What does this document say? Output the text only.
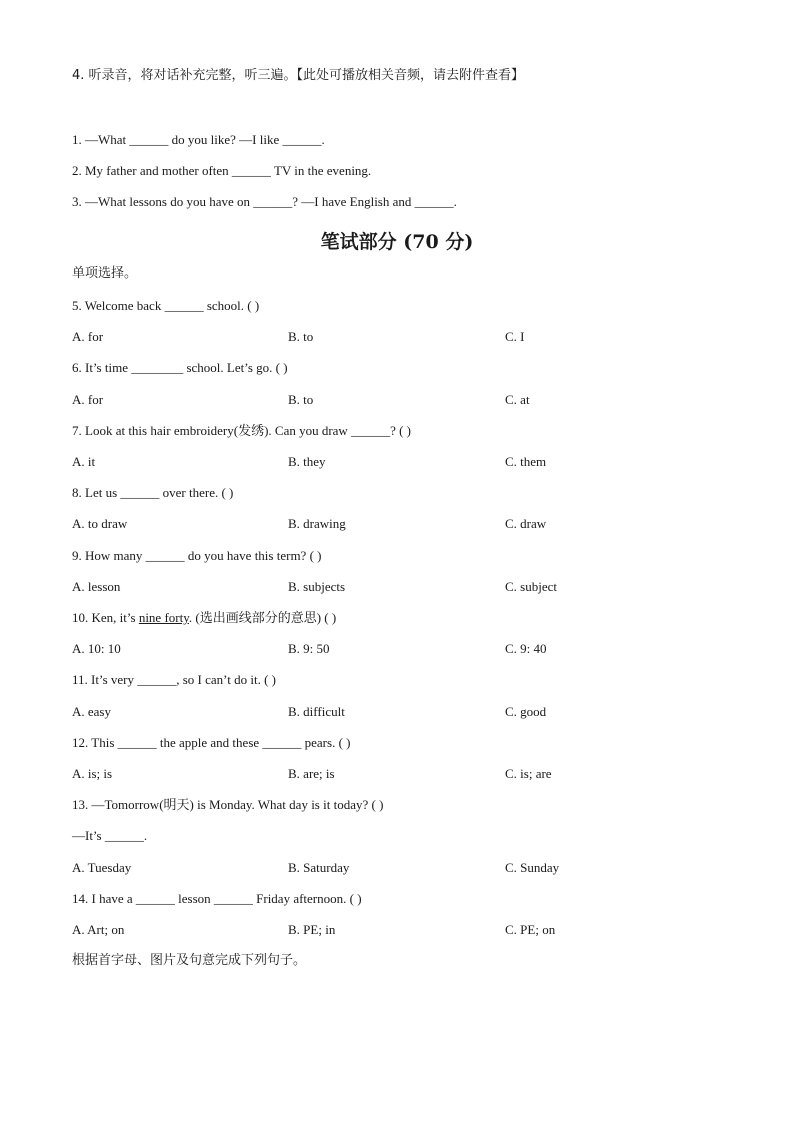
4. 听录音，将对话补充完整，听三遍。【此处可播放相关音频，请去附件查看】
1. —What ______ do you like? —I like ______.
2. My father and mother often ______ TV in the evening.
3. —What lessons do you have on ______? —I have English and ______.
笔试部分 (70 分)
单项选择。
5. Welcome back ______ school. ( )
A. for	B. to	C. I
6. It’s time ________ school. Let’s go. ( )
A. for	B. to	C. at
7. Look at this hair embroidery(发绣). Can you draw ______? ( )
A. it	B. they	C. them
8. Let us ______ over there. ( )
A. to draw	B. drawing	C. draw
9. How many ______ do you have this term? ( )
A. lesson	B. subjects	C. subject
10. Ken, it’s nine forty. (选出画线部分的意思) ( )
A. 10: 10	B. 9: 50	C. 9: 40
11. It’s very ______, so I can’t do it. ( )
A. easy	B. difficult	C. good
12. This ______ the apple and these ______ pears. ( )
A. is; is	B. are; is	C. is; are
13. —Tomorrow(明天) is Monday. What day is it today? ( )
—It’s ______.
A. Tuesday	B. Saturday	C. Sunday
14. I have a ______ lesson ______ Friday afternoon. ( )
A. Art; on	B. PE; in	C. PE; on
根据首字母、图片及句意完成下列句子。
